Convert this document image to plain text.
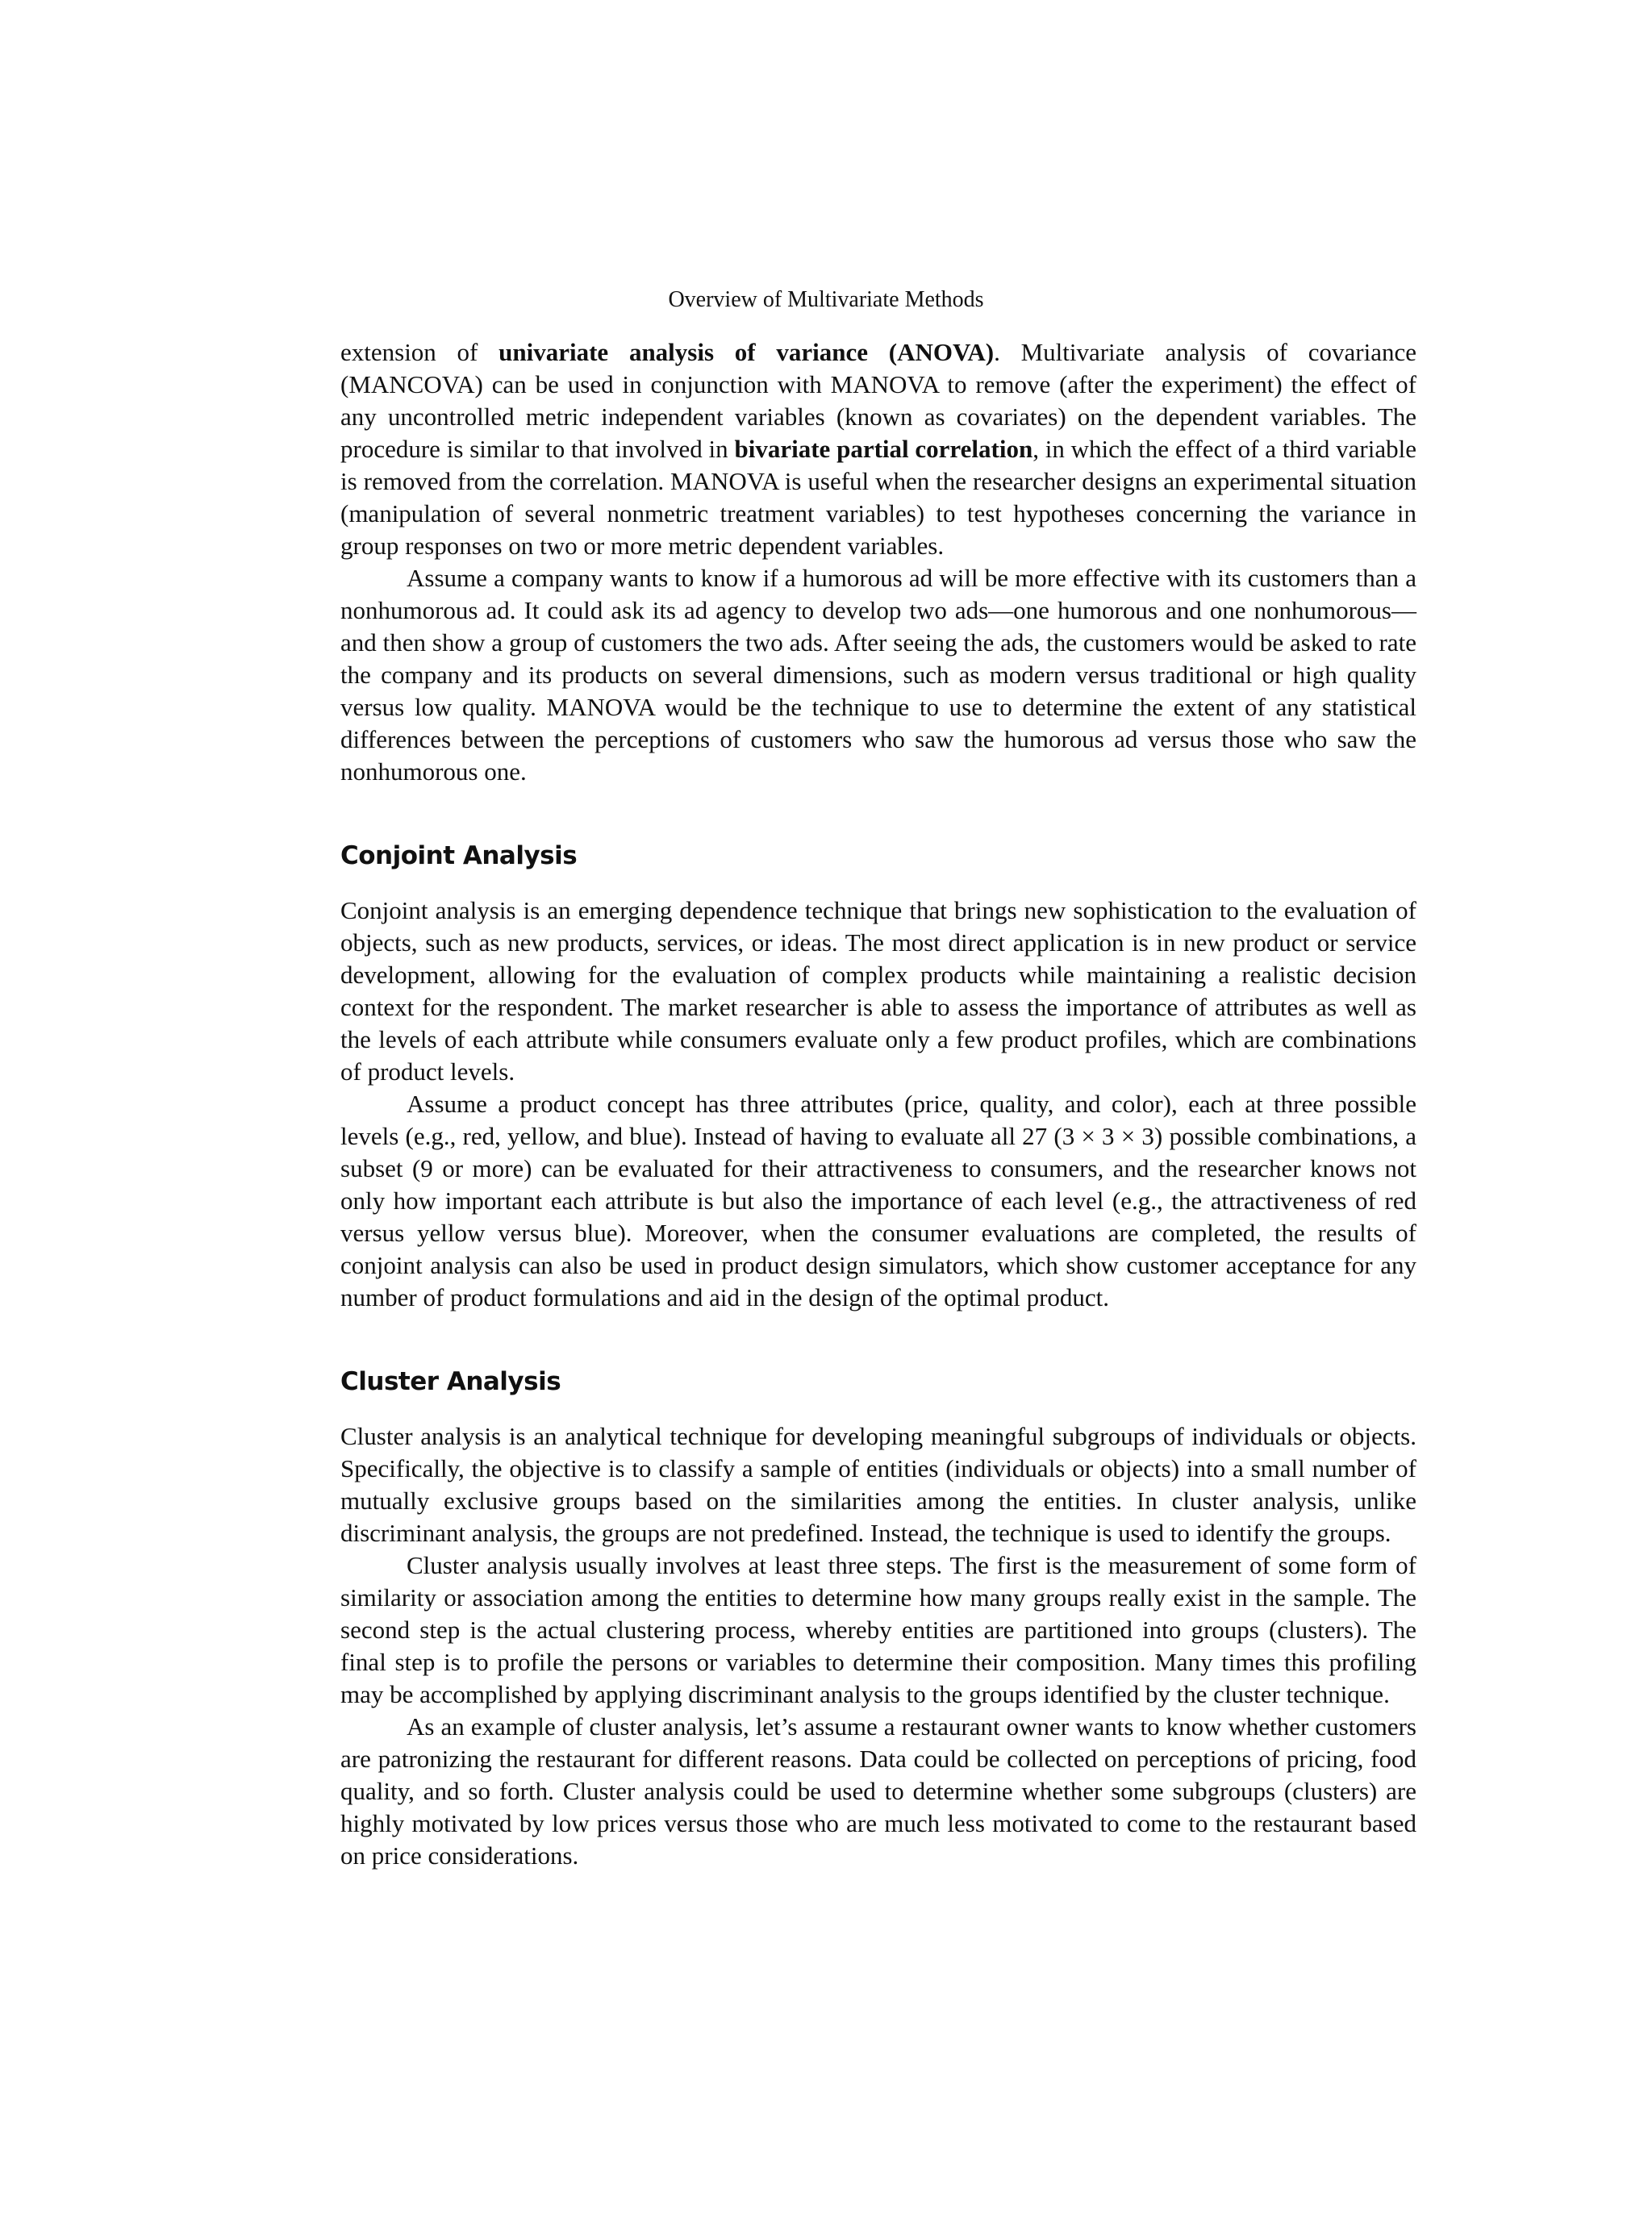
Overview of Multivariate Methods

extension of univariate analysis of variance (ANOVA). Multivariate analysis of covariance (MANCOVA) can be used in conjunction with MANOVA to remove (after the experiment) the effect of any uncontrolled metric independent variables (known as covariates) on the dependent variables. The procedure is similar to that involved in bivariate partial correlation, in which the effect of a third variable is removed from the correlation. MANOVA is useful when the researcher designs an experimental situation (manipulation of several nonmetric treatment variables) to test hypotheses concerning the variance in group responses on two or more metric dependent variables.

Assume a company wants to know if a humorous ad will be more effective with its customers than a nonhumorous ad. It could ask its ad agency to develop two ads—one humorous and one nonhumorous—and then show a group of customers the two ads. After seeing the ads, the customers would be asked to rate the company and its products on several dimensions, such as modern versus traditional or high quality versus low quality. MANOVA would be the technique to use to determine the extent of any statistical differences between the perceptions of customers who saw the humorous ad versus those who saw the nonhumorous one.

Conjoint Analysis

Conjoint analysis is an emerging dependence technique that brings new sophistication to the evaluation of objects, such as new products, services, or ideas. The most direct application is in new product or service development, allowing for the evaluation of complex products while maintaining a realistic decision context for the respondent. The market researcher is able to assess the importance of attributes as well as the levels of each attribute while consumers evaluate only a few product profiles, which are combinations of product levels.

Assume a product concept has three attributes (price, quality, and color), each at three possible levels (e.g., red, yellow, and blue). Instead of having to evaluate all 27 (3 × 3 × 3) possible combinations, a subset (9 or more) can be evaluated for their attractiveness to consumers, and the researcher knows not only how important each attribute is but also the importance of each level (e.g., the attractiveness of red versus yellow versus blue). Moreover, when the consumer evaluations are completed, the results of conjoint analysis can also be used in product design simulators, which show customer acceptance for any number of product formulations and aid in the design of the optimal product.

Cluster Analysis

Cluster analysis is an analytical technique for developing meaningful subgroups of individuals or objects. Specifically, the objective is to classify a sample of entities (individuals or objects) into a small number of mutually exclusive groups based on the similarities among the entities. In cluster analysis, unlike discriminant analysis, the groups are not predefined. Instead, the technique is used to identify the groups.

Cluster analysis usually involves at least three steps. The first is the measurement of some form of similarity or association among the entities to determine how many groups really exist in the sample. The second step is the actual clustering process, whereby entities are partitioned into groups (clusters). The final step is to profile the persons or variables to determine their composition. Many times this profiling may be accomplished by applying discriminant analysis to the groups identified by the cluster technique.

As an example of cluster analysis, let’s assume a restaurant owner wants to know whether customers are patronizing the restaurant for different reasons. Data could be collected on perceptions of pricing, food quality, and so forth. Cluster analysis could be used to determine whether some subgroups (clusters) are highly motivated by low prices versus those who are much less motivated to come to the restaurant based on price considerations.
